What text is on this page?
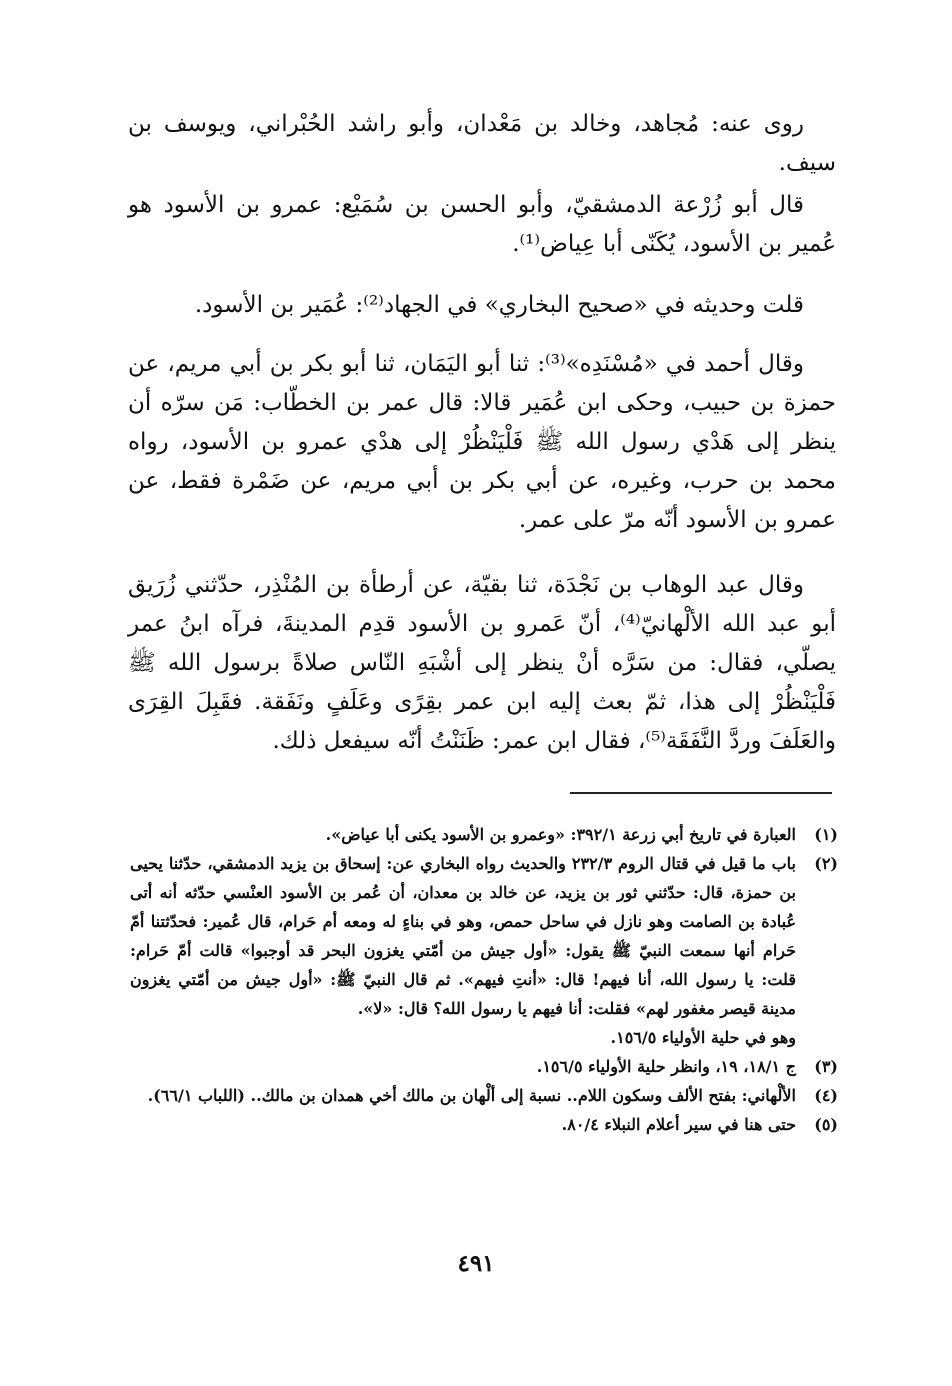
روى عنه: مُجاهد، وخالد بن مَعْدان، وأبو راشد الحُبْراني، ويوسف بن سيف.

قال أبو زُرْعة الدمشقيّ، وأبو الحسن بن سُمَيْع: عمرو بن الأسود هو عُمير بن الأسود، يُكَنّى أبا عِياض⁽¹⁾.

قلت وحديثه في «صحيح البخاري» في الجهاد⁽²⁾: عُمَير بن الأسود.

وقال أحمد في «مُسْنَدِه»⁽³⁾: ثنا أبو اليَمَان، ثنا أبو بكر بن أبي مريم، عن حمزة بن حبيب، وحكى ابن عُمَير قالا: قال عمر بن الخطّاب: مَن سرّه أن ينظر إلى هَدْي رسول الله ﷺ فَلْيَنْظُرْ إلى هدْي عمرو بن الأسود، رواه محمد بن حرب، وغيره، عن أبي بكر بن أبي مريم، عن ضَمْرة فقط، عن عمرو بن الأسود أنّه مرّ على عمر.

وقال عبد الوهاب بن نَجْدَة، ثنا بقيّة، عن أرطأة بن المُنْذِر، حدّثني زُرَيق أبو عبد الله الألْهانيّ⁽⁴⁾، أنّ عَمرو بن الأسود قدِم المدينةَ، فرآه ابنُ عمر يصلّي، فقال: من سَرَّه أنْ ينظر إلى أشْبَهِ النّاس صلاةً برسول الله ﷺ فَلْيَنْظُرْ إلى هذا، ثمّ بعث إليه ابن عمر بقِرًى وعَلَفٍ ونَفَقة. فقَبِلَ القِرَى والعَلَفَ وردَّ النَّفَقَة⁽⁵⁾، فقال ابن عمر: ظَنَنْتُ أنّه سيفعل ذلك.

(١)
العبارة في تاريخ أبي زرعة ٣٩٢/١: «وعمرو بن الأسود يكنى أبا عياض».
(٢)
باب ما قيل في قتال الروم ٢٣٢/٣ والحديث رواه البخاري عن: إسحاق بن يزيد الدمشقي، حدّثنا يحيى بن حمزة، قال: حدّثني ثور بن يزيد، عن خالد بن معدان، أن عُمر بن الأسود العنْسي حدّثه أنه أتى عُبادة بن الصامت وهو نازل في ساحل حمص، وهو في بناءٍ له ومعه أم حَرام، قال عُمير: فحدّثتنا أمّ حَرام أنها سمعت النبيّ ﷺ يقول: «أول جيش من أمّتي يغزون البحر قد أوجبوا» قالت أمّ حَرام: قلت: يا رسول الله، أنا فيهم! قال: «أنتِ فيهم». ثم قال النبيّ ﷺ: «أول جيش من أمّتي يغزون مدينة قيصر مغفور لهم» فقلت: أنا فيهم يا رسول الله؟ قال: «لا».

وهو في حلية الأولياء ١٥٦/٥.

(٣)
ج ١٨/١، ١٩، وانظر حلية الأولياء ١٥٦/٥.
(٤)
الألْهاني: بفتح الألف وسكون اللام.. نسبة إلى ألْهان بن مالك أخي همدان بن مالك.. (اللباب ٦٦/١).
(٥)
حتى هنا في سير أعلام النبلاء ٨٠/٤.
٤٩١
